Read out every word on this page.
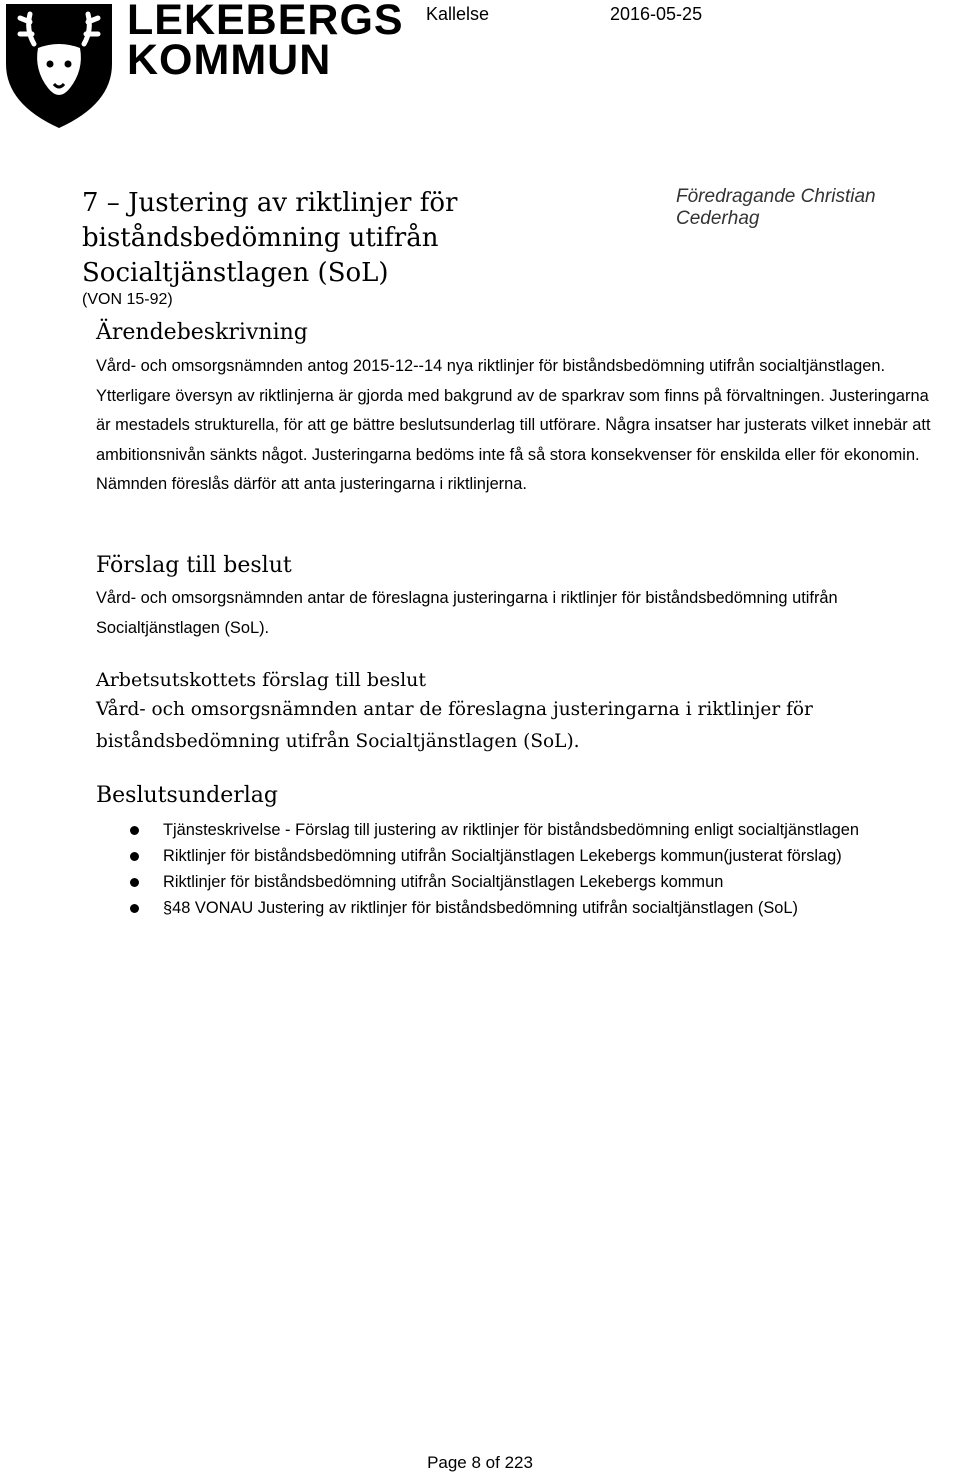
LEKEBERGS
KOMMUN
Kallelse	2016-05-25
7 – Justering av riktlinjer för biståndsbedömning utifrån Socialtjänstlagen (SoL)
Föredragande Christian Cederhag
(VON 15-92)
Ärendebeskrivning

Vård- och omsorgsnämnden antog 2015-12--14 nya riktlinjer för biståndsbedömning utifrån socialtjänstlagen. Ytterligare översyn av riktlinjerna är gjorda med bakgrund av de sparkrav som finns på förvaltningen. Justeringarna är mestadels strukturella, för att ge bättre beslutsunderlag till utförare. Några insatser har justerats vilket innebär att ambitionsnivån sänkts något. Justeringarna bedöms inte få så stora konsekvenser för enskilda eller för ekonomin. Nämnden föreslås därför att anta justeringarna i riktlinjerna.

Förslag till beslut

Vård- och omsorgsnämnden antar de föreslagna justeringarna i riktlinjer för biståndsbedömning utifrån Socialtjänstlagen (SoL).

Arbetsutskottets förslag till beslut

Vård- och omsorgsnämnden antar de föreslagna justeringarna i riktlinjer för biståndsbedömning utifrån Socialtjänstlagen (SoL).

Beslutsunderlag
Tjänsteskrivelse - Förslag till justering av riktlinjer för biståndsbedömning enligt socialtjänstlagen
Riktlinjer för biståndsbedömning utifrån Socialtjänstlagen Lekebergs kommun(justerat förslag)
Riktlinjer för biståndsbedömning utifrån Socialtjänstlagen Lekebergs kommun
§48 VONAU Justering av riktlinjer för biståndsbedömning utifrån socialtjänstlagen (SoL)
Page 8 of 223
